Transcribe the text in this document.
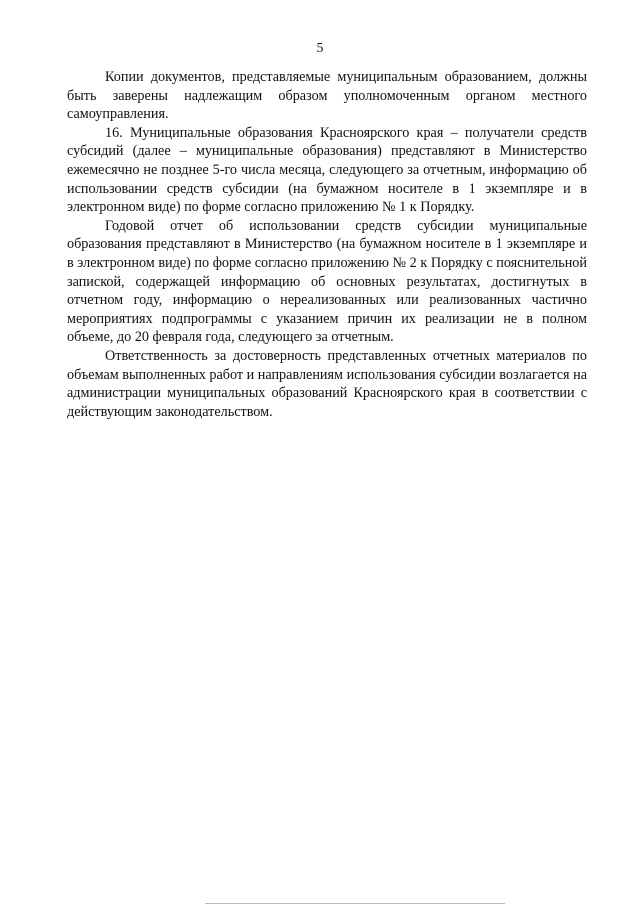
5

Копии документов, представляемые муниципальным образованием, должны быть заверены надлежащим образом уполномоченным органом местного самоуправления.

16. Муниципальные образования Красноярского края – получатели средств субсидий (далее – муниципальные образования) представляют в Министерство ежемесячно не позднее 5-го числа месяца, следующего за отчетным, информацию об использовании средств субсидии (на бумажном носителе в 1 экземпляре и в электронном виде) по форме согласно приложению № 1 к Порядку.

Годовой отчет об использовании средств субсидии муниципальные образования представляют в Министерство (на бумажном носителе в 1 экземпляре и в электронном виде) по форме согласно приложению № 2 к Порядку с пояснительной запиской, содержащей информацию об основных результатах, достигнутых в отчетном году, информацию о нереализованных или реализованных частично мероприятиях подпрограммы с указанием причин их реализации не в полном объеме, до 20 февраля года, следующего за отчетным.

Ответственность за достоверность представленных отчетных материалов по объемам выполненных работ и направлениям использования субсидии возлагается на администрации муниципальных образований Красноярского края в соответствии с действующим законодательством.
